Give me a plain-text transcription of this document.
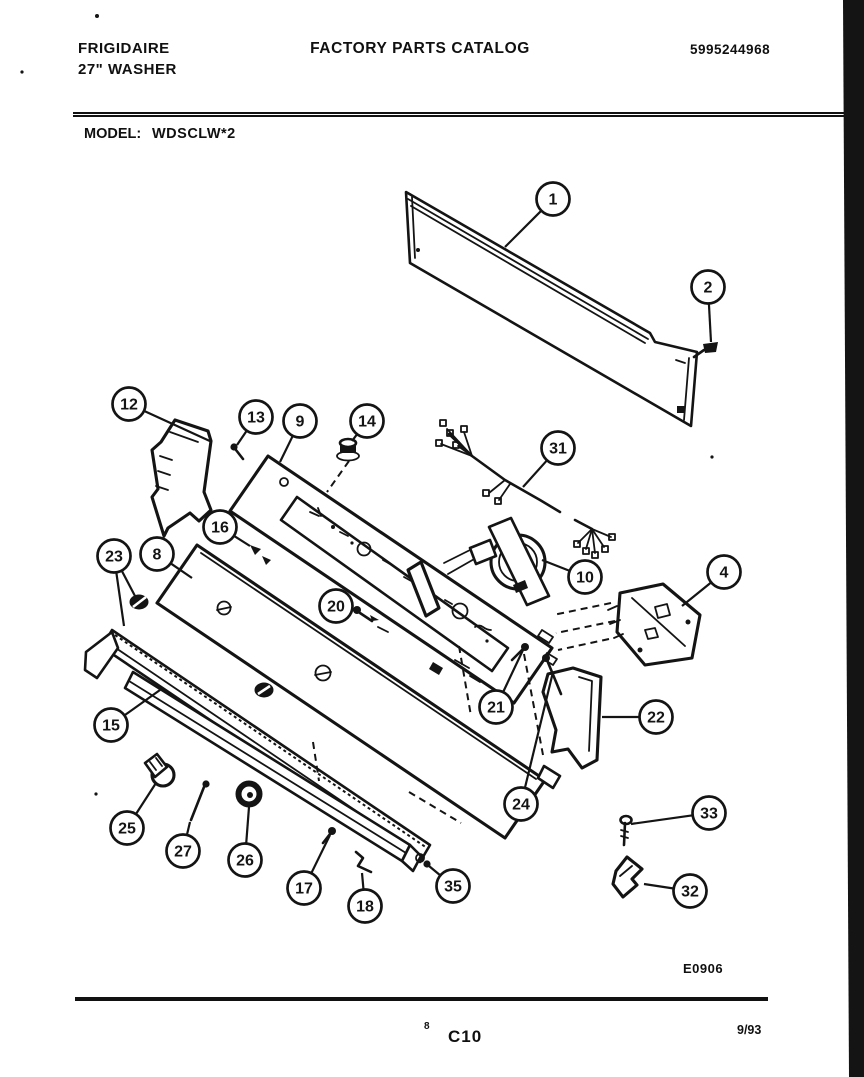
FRIGIDAIRE
27" WASHER
FACTORY PARTS CATALOG	5995244968
MODEL: WDSCLW*2
E0906
8
C10	9/93
1
2
12
13 9	14
31
16
8
23
10	4
20
21
22
15
24
25
27
26
17
18
35
33
32
